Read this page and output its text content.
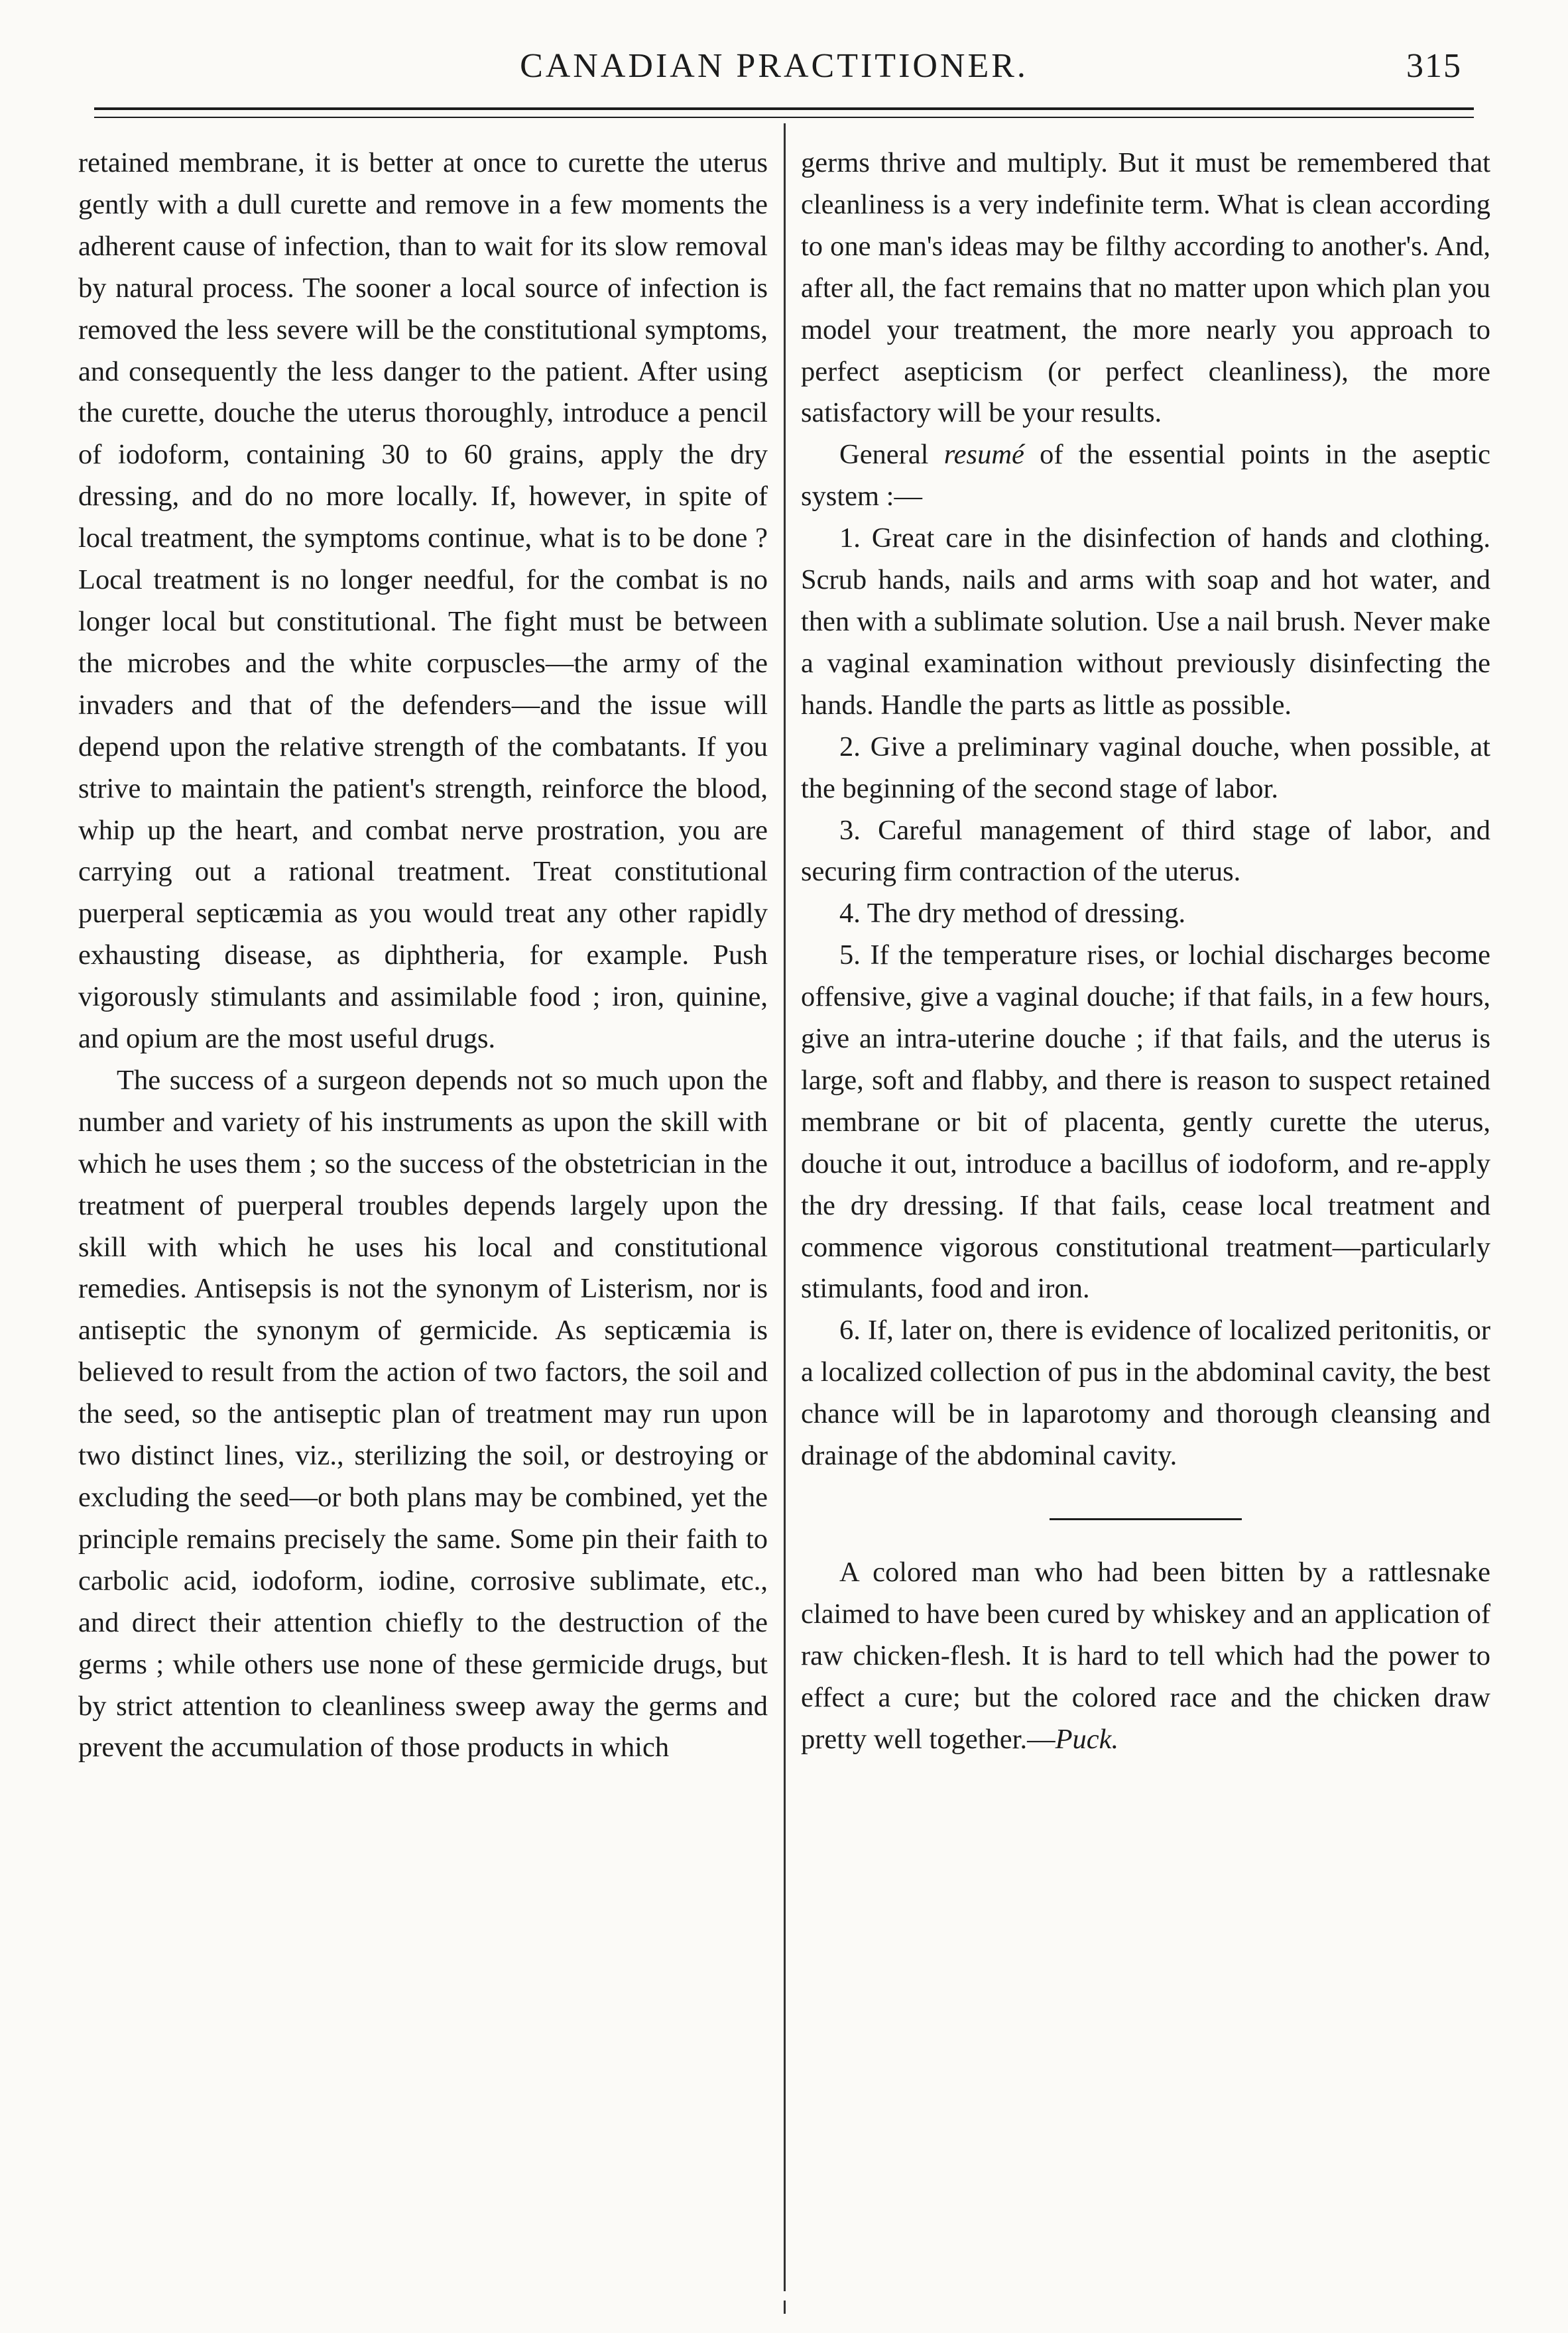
CANADIAN PRACTITIONER.	315

retained membrane, it is better at once to curette the uterus gently with a dull curette and remove in a few moments the adherent cause of infection, than to wait for its slow removal by natural process. The sooner a local source of infection is removed the less severe will be the constitutional symptoms, and consequently the less danger to the patient. After using the curette, douche the uterus thoroughly, introduce a pencil of iodoform, containing 30 to 60 grains, apply the dry dressing, and do no more locally. If, however, in spite of local treatment, the symptoms continue, what is to be done ? Local treatment is no longer needful, for the combat is no longer local but constitutional. The fight must be between the microbes and the white corpuscles—the army of the invaders and that of the defenders—and the issue will depend upon the relative strength of the combatants. If you strive to maintain the patient's strength, reinforce the blood, whip up the heart, and combat nerve prostration, you are carrying out a rational treatment. Treat constitutional puerperal septicæmia as you would treat any other rapidly exhausting disease, as diphtheria, for example. Push vigorously stimulants and assimilable food ; iron, quinine, and opium are the most useful drugs.

The success of a surgeon depends not so much upon the number and variety of his instruments as upon the skill with which he uses them ; so the success of the obstetrician in the treatment of puerperal troubles depends largely upon the skill with which he uses his local and constitutional remedies. Antisepsis is not the synonym of Listerism, nor is antiseptic the synonym of germicide. As septicæmia is believed to result from the action of two factors, the soil and the seed, so the antiseptic plan of treatment may run upon two distinct lines, viz., sterilizing the soil, or destroying or excluding the seed—or both plans may be combined, yet the principle remains precisely the same. Some pin their faith to carbolic acid, iodoform, iodine, corrosive sublimate, etc., and direct their attention chiefly to the destruction of the germs ; while others use none of these germicide drugs, but by strict attention to cleanliness sweep away the germs and prevent the accumulation of those products in which

germs thrive and multiply. But it must be remembered that cleanliness is a very indefinite term. What is clean according to one man's ideas may be filthy according to another's. And, after all, the fact remains that no matter upon which plan you model your treatment, the more nearly you approach to perfect asepticism (or perfect cleanliness), the more satisfactory will be your results.

General resumé of the essential points in the aseptic system :—

1. Great care in the disinfection of hands and clothing. Scrub hands, nails and arms with soap and hot water, and then with a sublimate solution. Use a nail brush. Never make a vaginal examination without previously disinfecting the hands. Handle the parts as little as possible.

2. Give a preliminary vaginal douche, when possible, at the beginning of the second stage of labor.

3. Careful management of third stage of labor, and securing firm contraction of the uterus.

4. The dry method of dressing.

5. If the temperature rises, or lochial discharges become offensive, give a vaginal douche; if that fails, in a few hours, give an intra-uterine douche ; if that fails, and the uterus is large, soft and flabby, and there is reason to suspect retained membrane or bit of placenta, gently curette the uterus, douche it out, introduce a bacillus of iodoform, and re-apply the dry dressing. If that fails, cease local treatment and commence vigorous constitutional treatment—particularly stimulants, food and iron.

6. If, later on, there is evidence of localized peritonitis, or a localized collection of pus in the abdominal cavity, the best chance will be in laparotomy and thorough cleansing and drainage of the abdominal cavity.

A colored man who had been bitten by a rattlesnake claimed to have been cured by whiskey and an application of raw chicken-flesh. It is hard to tell which had the power to effect a cure; but the colored race and the chicken draw pretty well together.—Puck.
